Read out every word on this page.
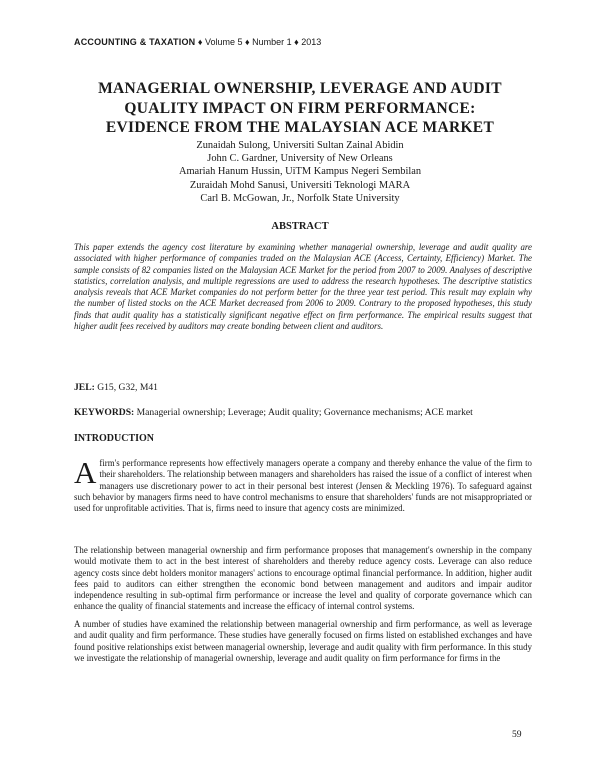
ACCOUNTING & TAXATION ♦ Volume 5 ♦ Number 1 ♦ 2013
MANAGERIAL OWNERSHIP, LEVERAGE AND AUDIT
QUALITY IMPACT ON FIRM PERFORMANCE:
EVIDENCE FROM THE MALAYSIAN ACE MARKET
Zunaidah Sulong, Universiti Sultan Zainal Abidin
John C. Gardner, University of New Orleans
Amariah Hanum Hussin, UiTM Kampus Negeri Sembilan
Zuraidah Mohd Sanusi, Universiti Teknologi MARA
Carl B. McGowan, Jr., Norfolk State University
ABSTRACT
This paper extends the agency cost literature by examining whether managerial ownership, leverage and audit quality are associated with higher performance of companies traded on the Malaysian ACE (Access, Certainty, Efficiency) Market. The sample consists of 82 companies listed on the Malaysian ACE Market for the period from 2007 to 2009. Analyses of descriptive statistics, correlation analysis, and multiple regressions are used to address the research hypotheses. The descriptive statistics analysis reveals that ACE Market companies do not perform better for the three year test period. This result may explain why the number of listed stocks on the ACE Market decreased from 2006 to 2009. Contrary to the proposed hypotheses, this study finds that audit quality has a statistically significant negative effect on firm performance. The empirical results suggest that higher audit fees received by auditors may create bonding between client and auditors.
JEL: G15, G32, M41
KEYWORDS: Managerial ownership; Leverage; Audit quality; Governance mechanisms; ACE market
INTRODUCTION
A firm's performance represents how effectively managers operate a company and thereby enhance the value of the firm to their shareholders. The relationship between managers and shareholders has raised the issue of a conflict of interest when managers use discretionary power to act in their personal best interest (Jensen & Meckling 1976). To safeguard against such behavior by managers firms need to have control mechanisms to ensure that shareholders' funds are not misappropriated or used for unprofitable activities. That is, firms need to insure that agency costs are minimized.
The relationship between managerial ownership and firm performance proposes that management's ownership in the company would motivate them to act in the best interest of shareholders and thereby reduce agency costs. Leverage can also reduce agency costs since debt holders monitor managers' actions to encourage optimal financial performance. In addition, higher audit fees paid to auditors can either strengthen the economic bond between management and auditors and impair auditor independence resulting in sub-optimal firm performance or increase the level and quality of corporate governance which can enhance the quality of financial statements and increase the efficacy of internal control systems.
A number of studies have examined the relationship between managerial ownership and firm performance, as well as leverage and audit quality and firm performance. These studies have generally focused on firms listed on established exchanges and have found positive relationships exist between managerial ownership, leverage and audit quality with firm performance. In this study we investigate the relationship of managerial ownership, leverage and audit quality on firm performance for firms in the
59
